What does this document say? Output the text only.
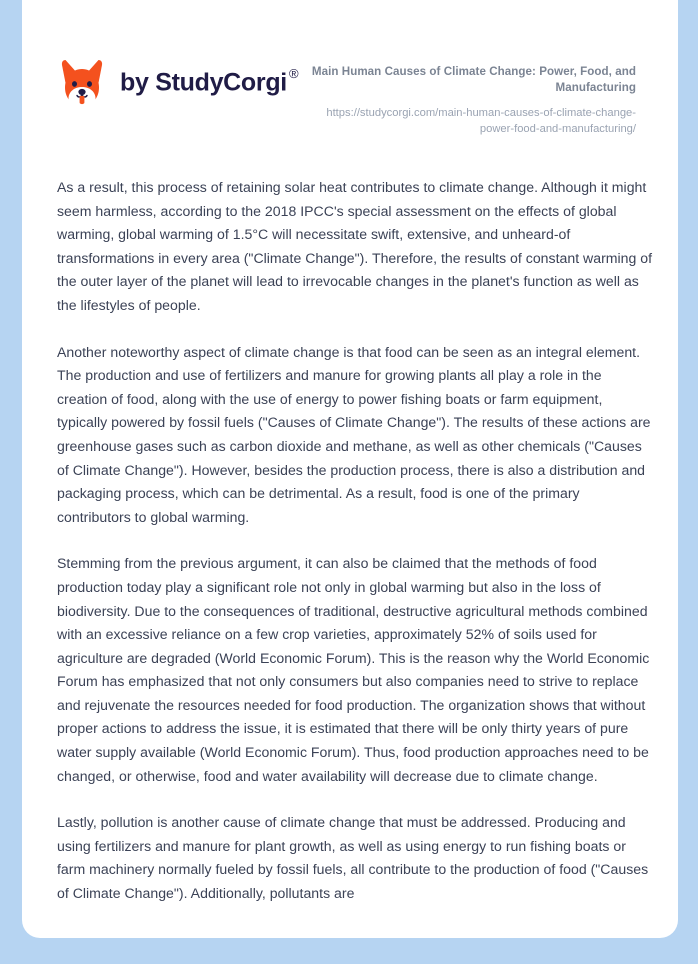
by StudyCorgi ®	Main Human Causes of Climate Change: Power, Food, and Manufacturing
https://studycorgi.com/main-human-causes-of-climate-change-power-food-and-manufacturing/

As a result, this process of retaining solar heat contributes to climate change. Although it might seem harmless, according to the 2018 IPCC's special assessment on the effects of global warming, global warming of 1.5°C will necessitate swift, extensive, and unheard-of transformations in every area ("Climate Change"). Therefore, the results of constant warming of the outer layer of the planet will lead to irrevocable changes in the planet's function as well as the lifestyles of people.

Another noteworthy aspect of climate change is that food can be seen as an integral element. The production and use of fertilizers and manure for growing plants all play a role in the creation of food, along with the use of energy to power fishing boats or farm equipment, typically powered by fossil fuels ("Causes of Climate Change"). The results of these actions are greenhouse gases such as carbon dioxide and methane, as well as other chemicals ("Causes of Climate Change"). However, besides the production process, there is also a distribution and packaging process, which can be detrimental. As a result, food is one of the primary contributors to global warming.

Stemming from the previous argument, it can also be claimed that the methods of food production today play a significant role not only in global warming but also in the loss of biodiversity. Due to the consequences of traditional, destructive agricultural methods combined with an excessive reliance on a few crop varieties, approximately 52% of soils used for agriculture are degraded (World Economic Forum). This is the reason why the World Economic Forum has emphasized that not only consumers but also companies need to strive to replace and rejuvenate the resources needed for food production. The organization shows that without proper actions to address the issue, it is estimated that there will be only thirty years of pure water supply available (World Economic Forum). Thus, food production approaches need to be changed, or otherwise, food and water availability will decrease due to climate change.

Lastly, pollution is another cause of climate change that must be addressed. Producing and using fertilizers and manure for plant growth, as well as using energy to run fishing boats or farm machinery normally fueled by fossil fuels, all contribute to the production of food ("Causes of Climate Change"). Additionally, pollutants are
